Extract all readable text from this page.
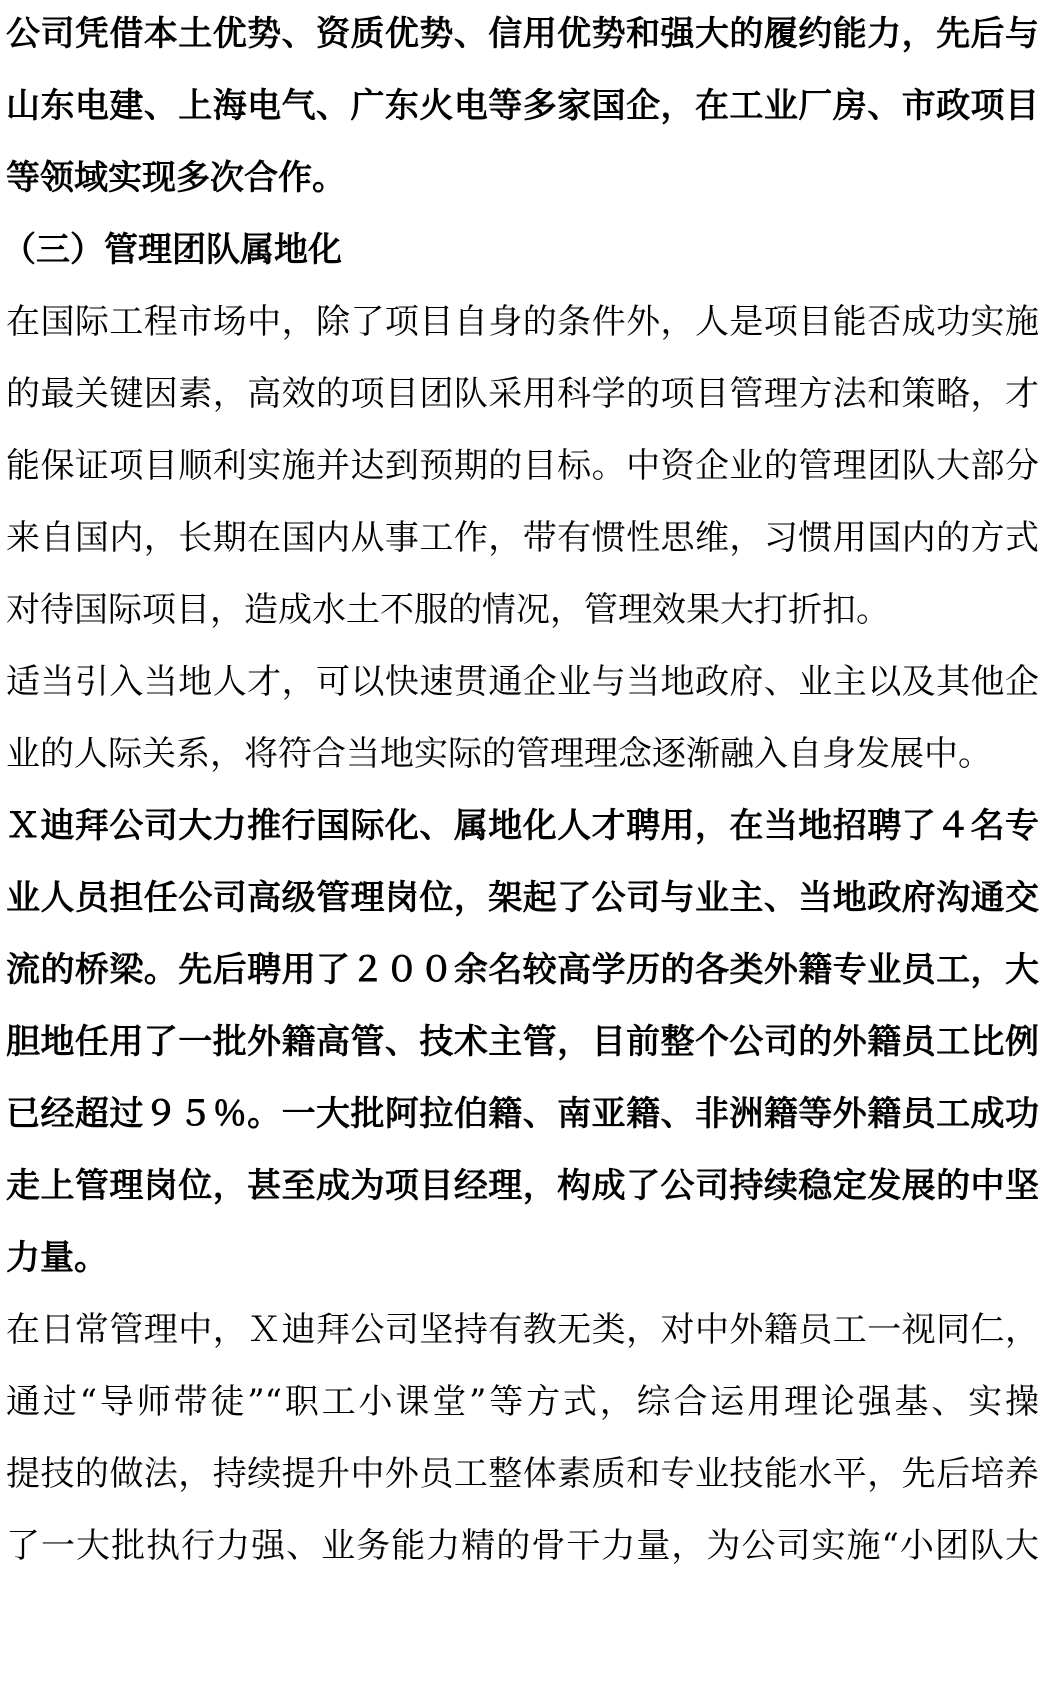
公司凭借本土优势、资质优势、信用优势和强大的履约能力，先后与
山东电建、上海电气、广东火电等多家国企，在工业厂房、市政项目
等领域实现多次合作。
（三）管理团队属地化
在国际工程市场中，除了项目自身的条件外，人是项目能否成功实施
的最关键因素，高效的项目团队采用科学的项目管理方法和策略，才
能保证项目顺利实施并达到预期的目标。中资企业的管理团队大部分
来自国内，长期在国内从事工作，带有惯性思维，习惯用国内的方式
对待国际项目，造成水土不服的情况，管理效果大打折扣。
适当引入当地人才，可以快速贯通企业与当地政府、业主以及其他企
业的人际关系，将符合当地实际的管理理念逐渐融入自身发展中。
Ｘ迪拜公司大力推行国际化、属地化人才聘用，在当地招聘了４名专
业人员担任公司高级管理岗位，架起了公司与业主、当地政府沟通交
流的桥梁。先后聘用了２００余名较高学历的各类外籍专业员工，大
胆地任用了一批外籍高管、技术主管，目前整个公司的外籍员工比例
已经超过９５％。一大批阿拉伯籍、南亚籍、非洲籍等外籍员工成功
走上管理岗位，甚至成为项目经理，构成了公司持续稳定发展的中坚
力量。
在日常管理中，Ｘ迪拜公司坚持有教无类，对中外籍员工一视同仁，
通过“导师带徒”“职工小课堂”等方式，综合运用理论强基、实操
提技的做法，持续提升中外员工整体素质和专业技能水平，先后培养
了一大批执行力强、业务能力精的骨干力量，为公司实施“小团队大
